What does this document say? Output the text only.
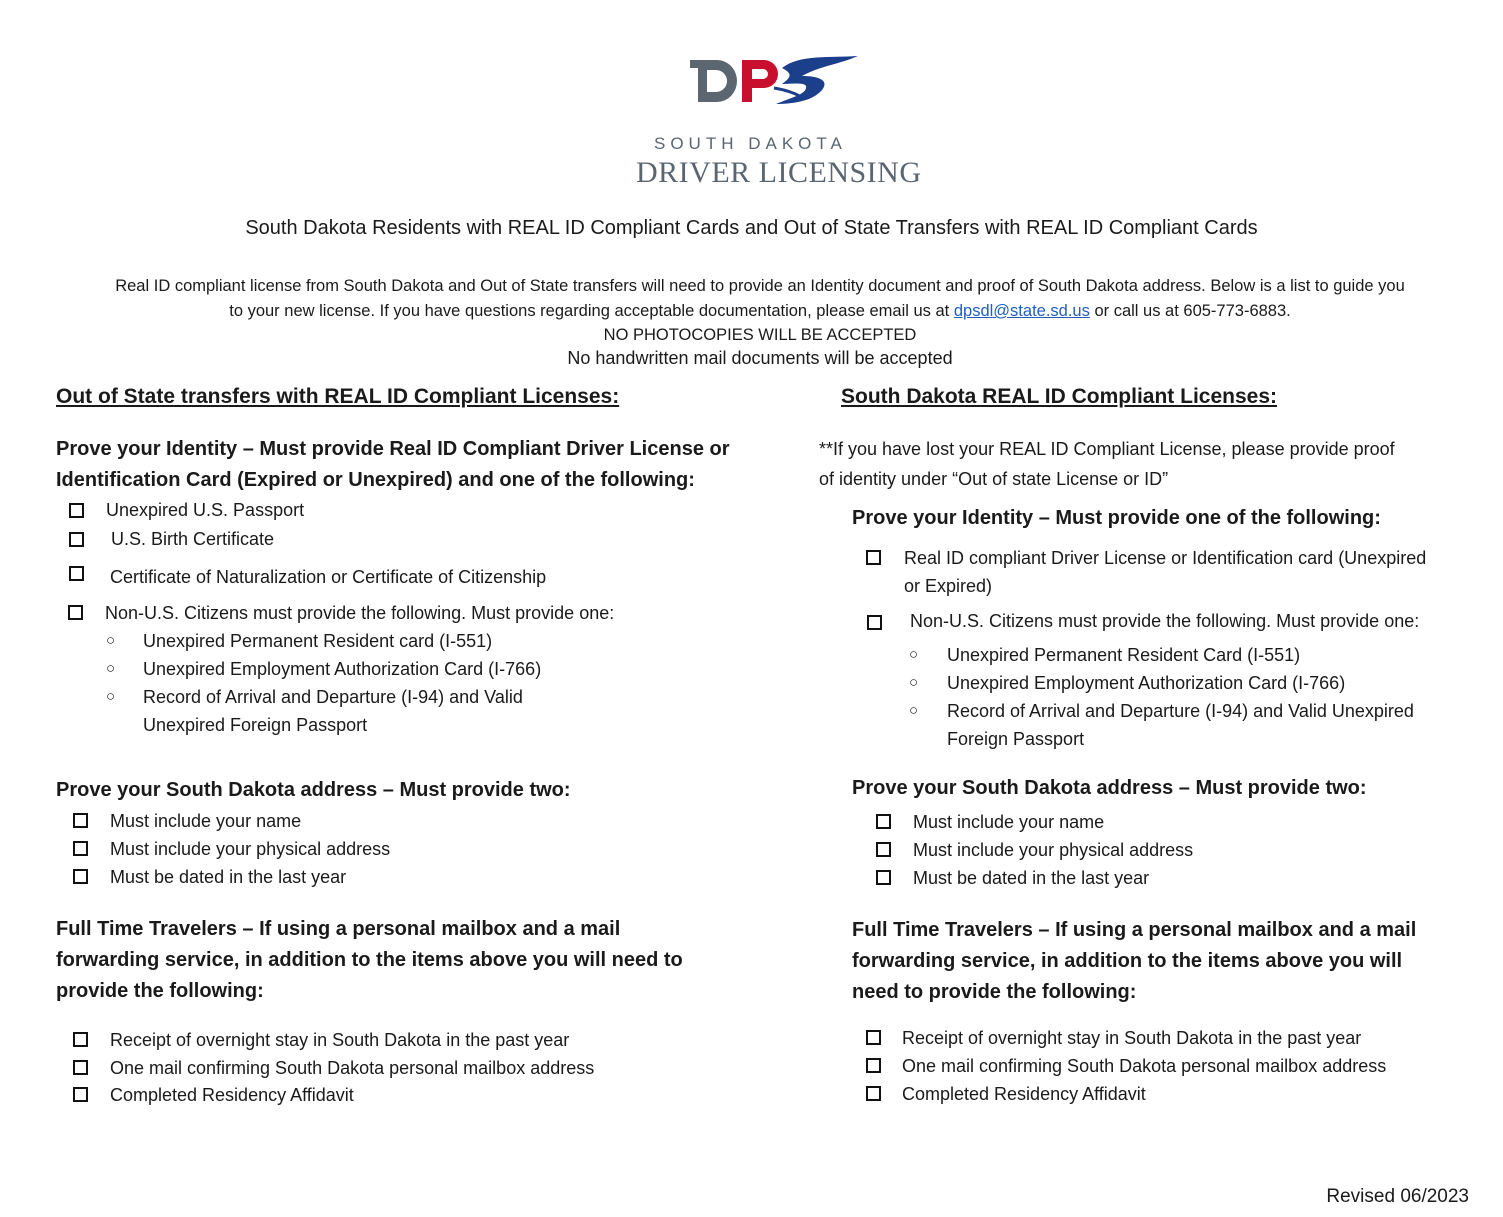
SOUTH DAKOTA
DRIVER LICENSING
South Dakota Residents with REAL ID Compliant Cards and Out of State Transfers with REAL ID Compliant Cards
Real ID compliant license from South Dakota and Out of State transfers will need to provide an Identity document and proof of South Dakota address. Below is a list to guide you
to your new license. If you have questions regarding acceptable documentation, please email us at dpsdl@state.sd.us or call us at 605-773-6883.
NO PHOTOCOPIES WILL BE ACCEPTED
No handwritten mail documents will be accepted
Out of State transfers with REAL ID Compliant Licenses:
Prove your Identity – Must provide Real ID Compliant Driver License or
Identification Card (Expired or Unexpired) and one of the following:
Unexpired U.S. Passport
U.S. Birth Certificate
Certificate of Naturalization or Certificate of Citizenship
Non-U.S. Citizens must provide the following. Must provide one:
○ Unexpired Permanent Resident card (I-551)
○ Unexpired Employment Authorization Card (I-766)
○ Record of Arrival and Departure (I-94) and Valid
Unexpired Foreign Passport
Prove your South Dakota address – Must provide two:
Must include your name
Must include your physical address
Must be dated in the last year
Full Time Travelers – If using a personal mailbox and a mail
forwarding service, in addition to the items above you will need to
provide the following:
Receipt of overnight stay in South Dakota in the past year
One mail confirming South Dakota personal mailbox address
Completed Residency Affidavit
South Dakota REAL ID Compliant Licenses:
**If you have lost your REAL ID Compliant License, please provide proof
of identity under “Out of state License or ID”
Prove your Identity – Must provide one of the following:
Real ID compliant Driver License or Identification card (Unexpired
or Expired)
Non-U.S. Citizens must provide the following. Must provide one:
○ Unexpired Permanent Resident Card (I-551)
○ Unexpired Employment Authorization Card (I-766)
○ Record of Arrival and Departure (I-94) and Valid Unexpired
Foreign Passport
Prove your South Dakota address – Must provide two:
Must include your name
Must include your physical address
Must be dated in the last year
Full Time Travelers – If using a personal mailbox and a mail
forwarding service, in addition to the items above you will
need to provide the following:
Receipt of overnight stay in South Dakota in the past year
One mail confirming South Dakota personal mailbox address
Completed Residency Affidavit
Revised 06/2023
